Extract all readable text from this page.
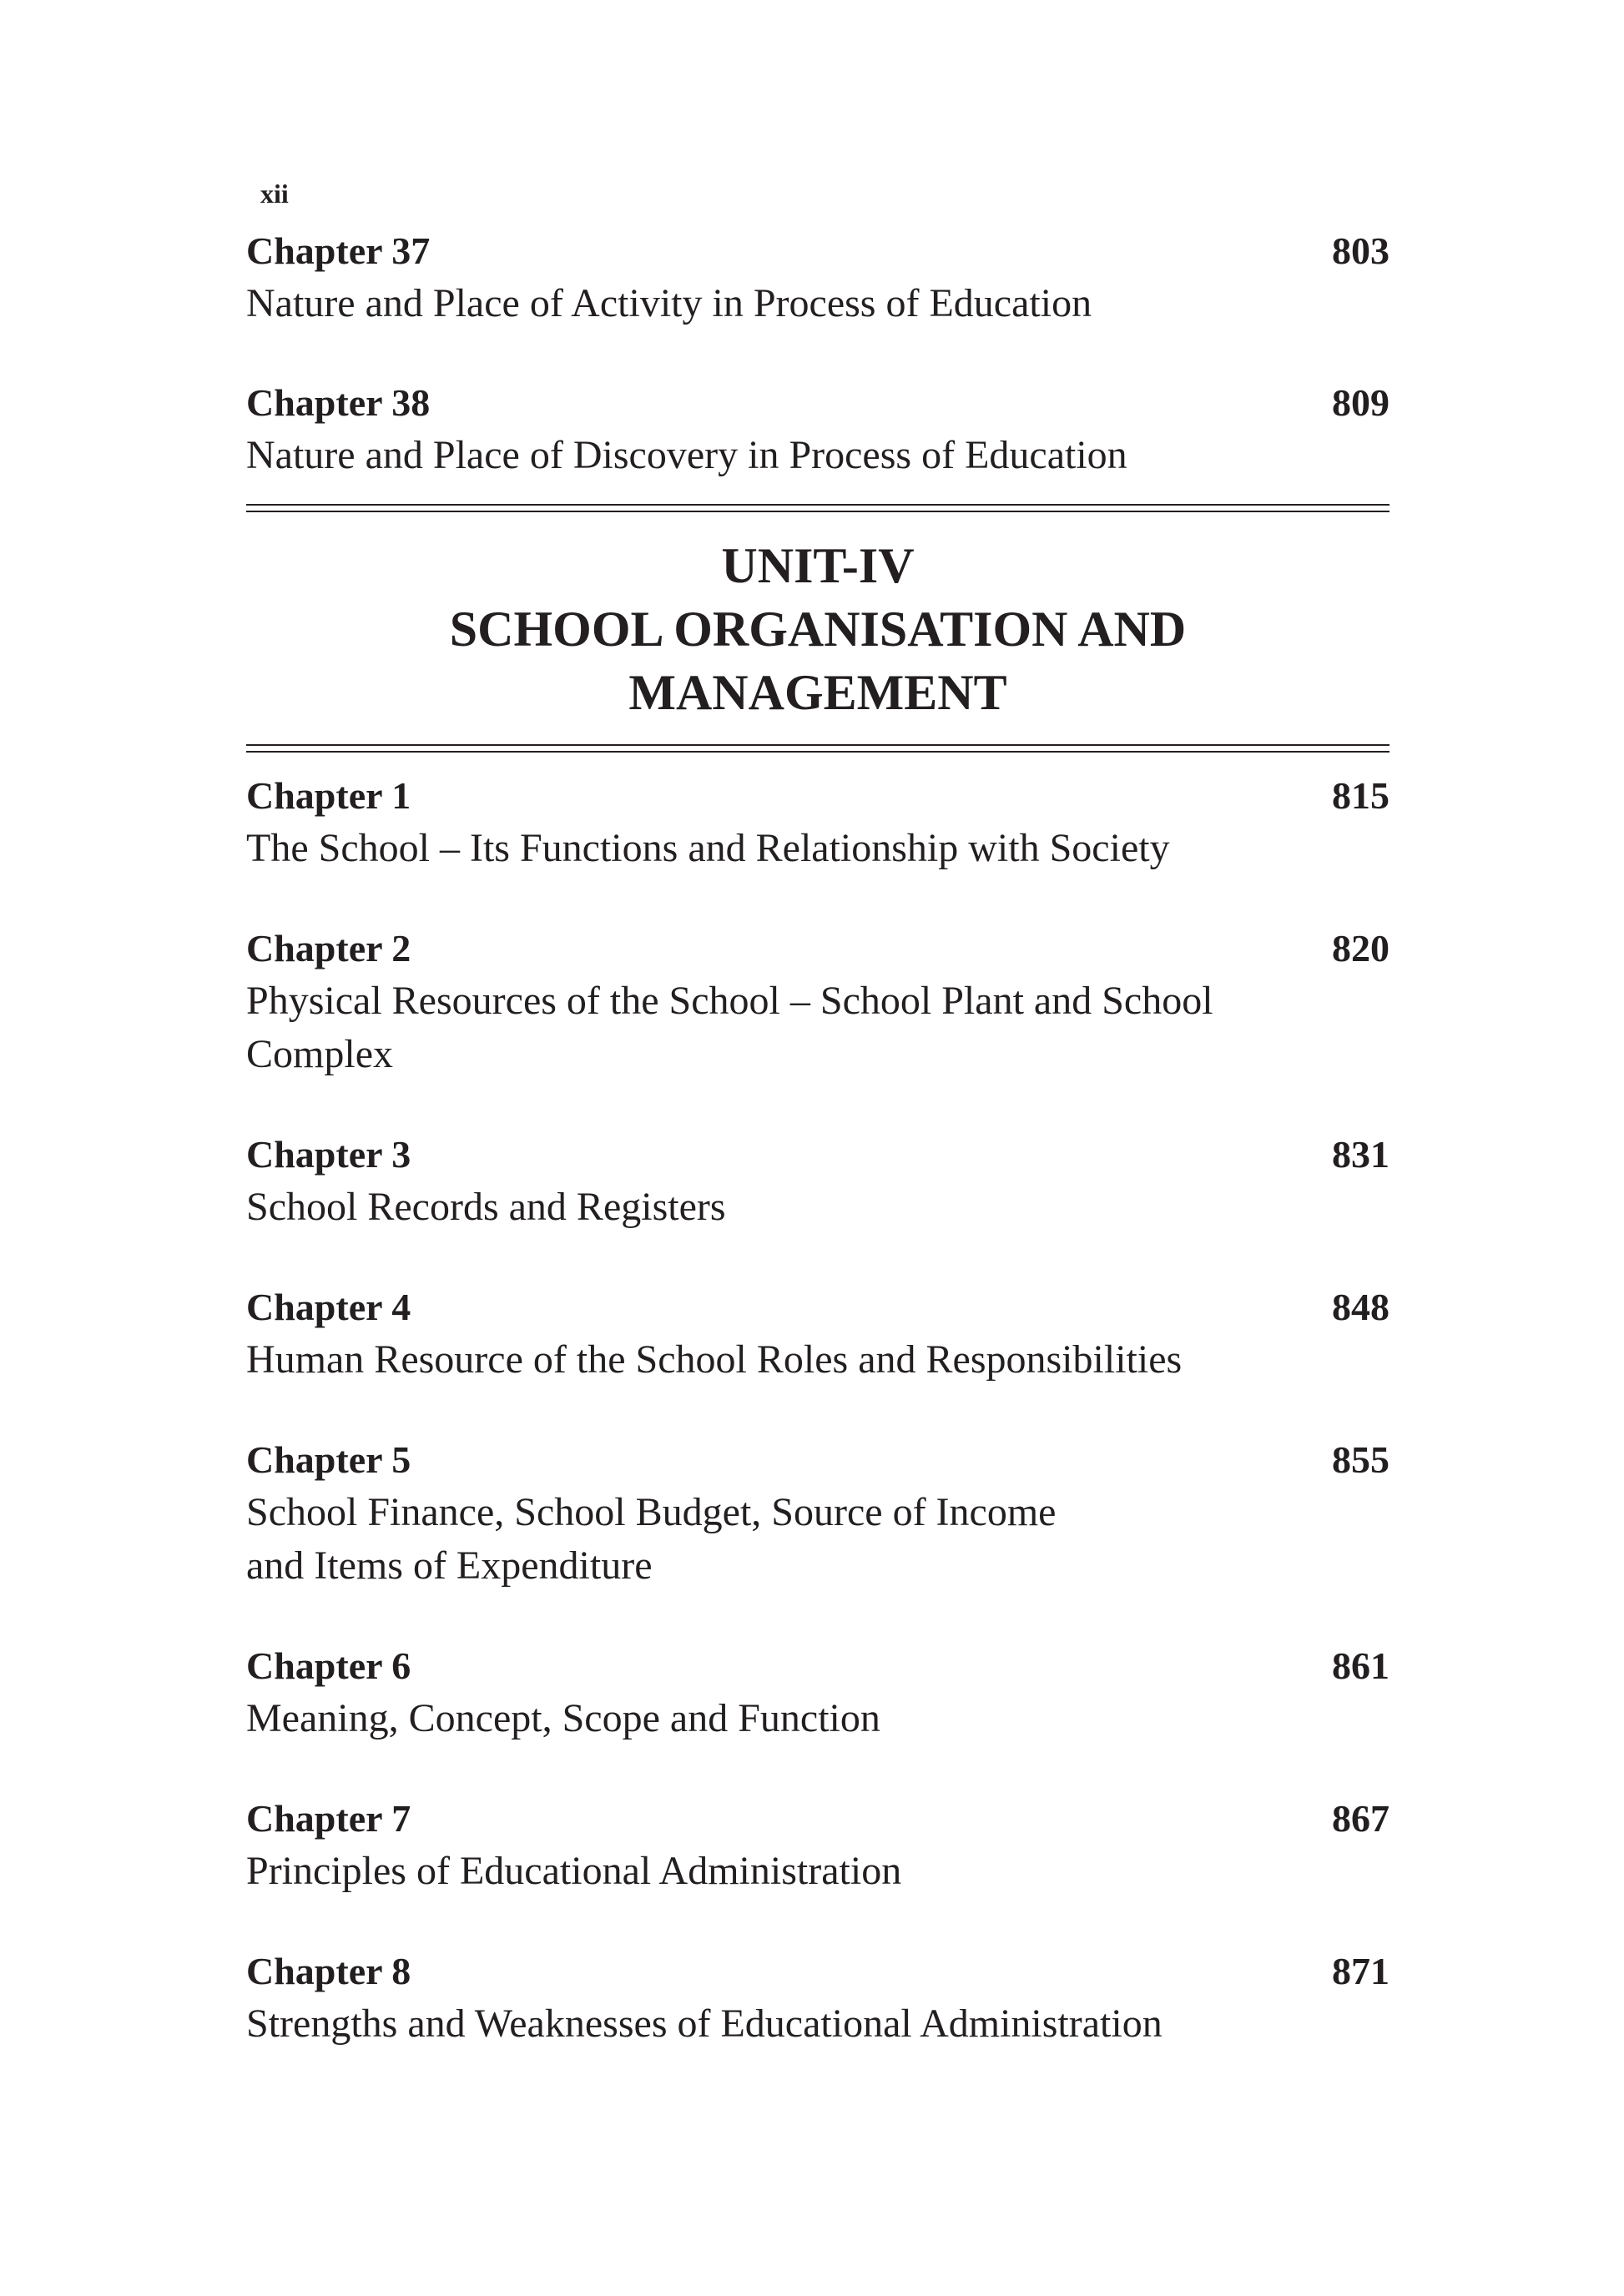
xii
Chapter 37	803
Nature and Place of Activity in Process of Education
Chapter 38	809
Nature and Place of Discovery in Process of Education
UNIT-IV
SCHOOL ORGANISATION AND
MANAGEMENT
Chapter 1	815
The School – Its Functions and Relationship with Society
Chapter 2	820
Physical Resources of the School – School Plant and School
Complex
Chapter 3	831
School Records and Registers
Chapter 4	848
Human Resource of the School Roles and Responsibilities
Chapter 5	855
School Finance, School Budget, Source of Income
and Items of Expenditure
Chapter 6	861
Meaning, Concept, Scope and Function
Chapter 7	867
Principles of Educational Administration
Chapter 8	871
Strengths and Weaknesses of Educational Administration
